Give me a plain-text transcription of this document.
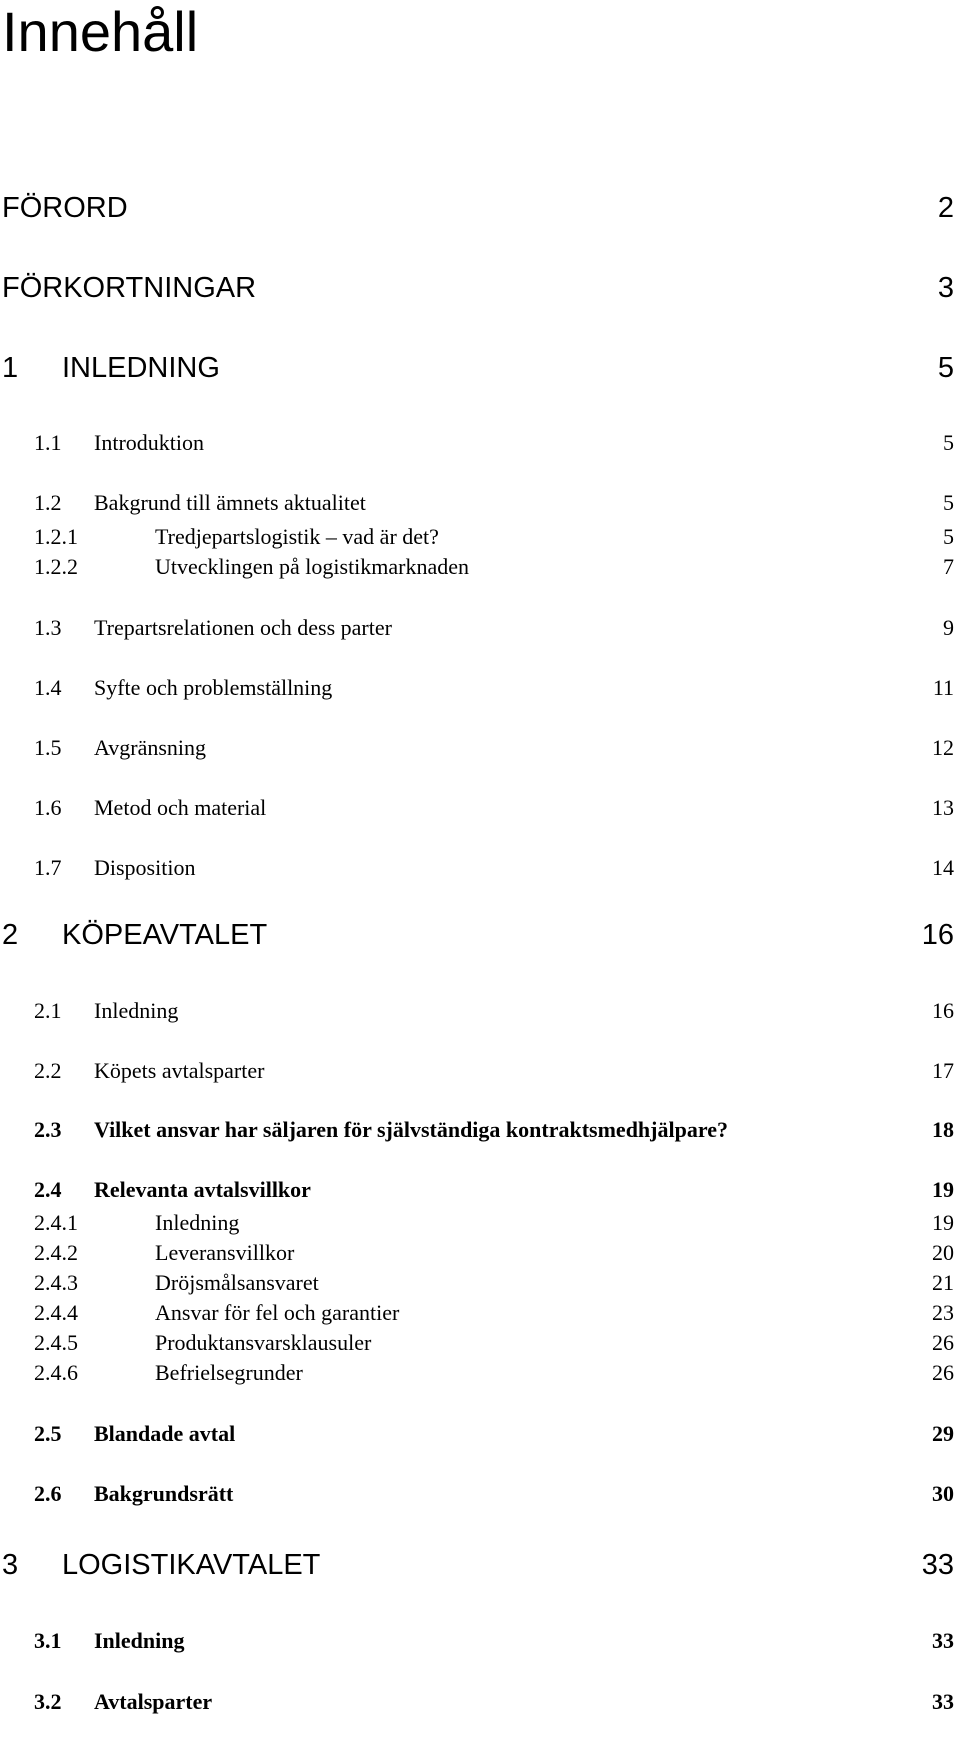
Innehåll
FÖRORD	2
FÖRKORTNINGAR	3
1 INLEDNING	5
1.1 Introduktion	5
1.2 Bakgrund till ämnets aktualitet	5
1.2.1	Tredjepartslogistik – vad är det?	5
1.2.2	Utvecklingen på logistikmarknaden	7
1.3 Trepartsrelationen och dess parter	9
1.4 Syfte och problemställning	11
1.5 Avgränsning	12
1.6 Metod och material	13
1.7 Disposition	14
2 KÖPEAVTALET	16
2.1 Inledning	16
2.2 Köpets avtalsparter	17
2.3 Vilket ansvar har säljaren för självständiga kontraktsmedhjälpare?	18
2.4 Relevanta avtalsvillkor	19
2.4.1	Inledning	19
2.4.2	Leveransvillkor	20
2.4.3	Dröjsmålsansvaret	21
2.4.4	Ansvar för fel och garantier	23
2.4.5	Produktansvarsklausuler	26
2.4.6	Befrielsegrunder	26
2.5 Blandade avtal	29
2.6 Bakgrundsrätt	30
3 LOGISTIKAVTALET	33
3.1 Inledning	33
3.2 Avtalsparter	33
